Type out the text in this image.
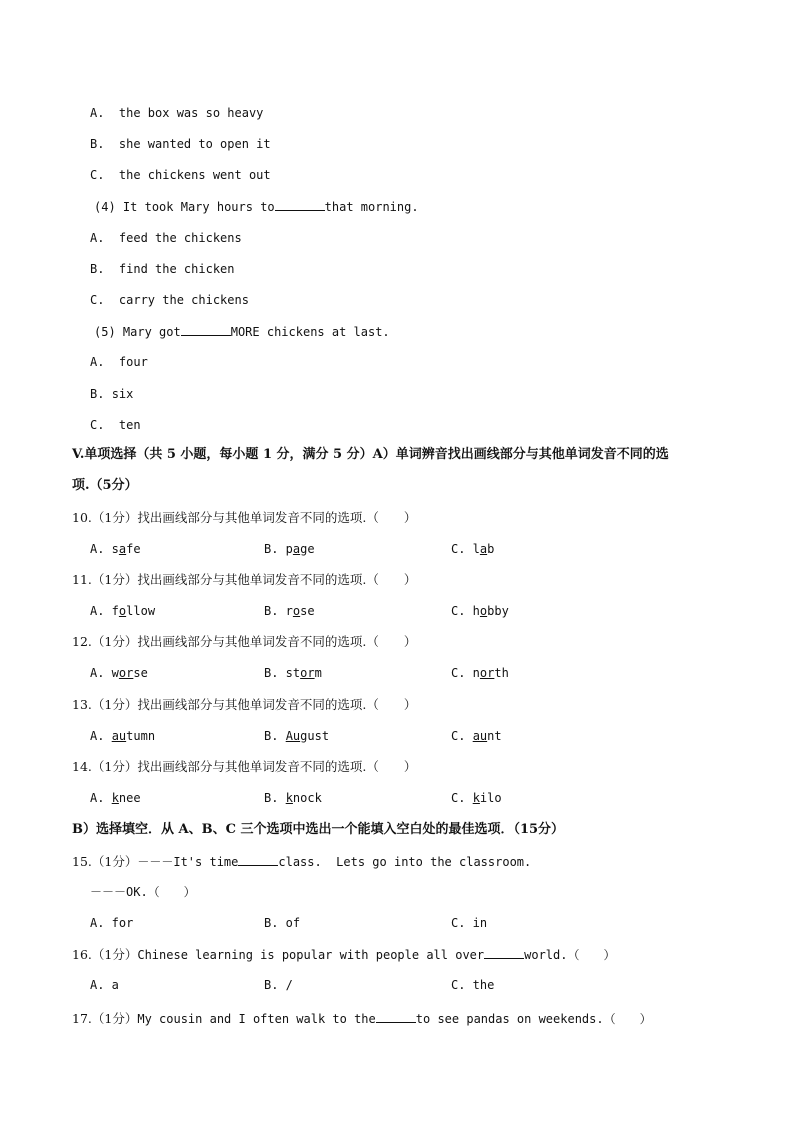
A. the box was so heavy
B. she wanted to open it
C. the chickens went out
(4) It took Mary hours to	that morning.
A. feed the chickens
B. find the chicken
C. carry the chickens
(5) Mary got	MORE chickens at last.
A. four
B. six
C. ten
V.单项选择（共 5 小题，每小题 1 分，满分 5 分）A）单词辨音找出画线部分与其他单词发音不同的选
项.（5分）
10.（1分）找出画线部分与其他单词发音不同的选项.（　　）
A. safe	B. page	C. lab
11.（1分）找出画线部分与其他单词发音不同的选项.（　　）
A. follow	B. rose	C. hobby
12.（1分）找出画线部分与其他单词发音不同的选项.（　　）
A. worse	B. storm	C. north
13.（1分）找出画线部分与其他单词发音不同的选项.（　　）
A. autumn	B. August	C. aunt
14.（1分）找出画线部分与其他单词发音不同的选项.（　　）
A. knee	B. knock	C. kilo
B）选择填空．从 A、B、C 三个选项中选出一个能填入空白处的最佳选项．（15分）
15.（1分）－－－It's time	class.  Lets go into the classroom.
－－－OK.（　　）
A. for	B. of	C. in
16.（1分）Chinese learning is popular with people all over	world.（　　）
A. a	B. /	C. the
17.（1分）My cousin and I often walk to the	to see pandas on weekends.（　　）
